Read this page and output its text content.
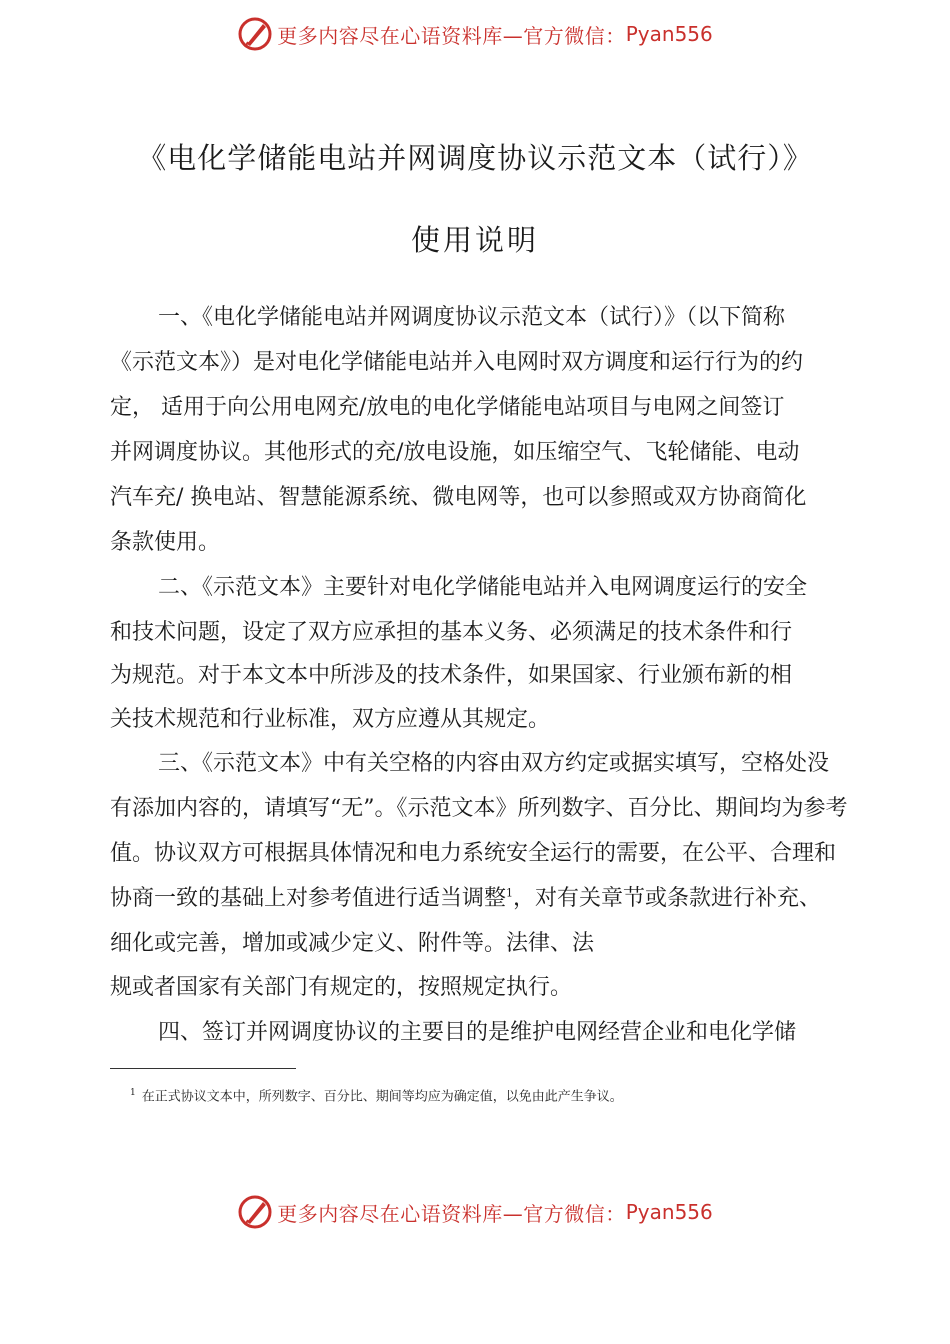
更多内容尽在心语资料库—官方微信： Pyan556
《电化学储能电站并网调度协议示范文本（试行）》
使用说明
一、《电化学储能电站并网调度协议示范文本（试行）》（以下简称
《示范文本》）是对电化学储能电站并入电网时双方调度和运行行为的约
定， 适用于向公用电网充/放电的电化学储能电站项目与电网之间签订
并网调度协议。其他形式的充/放电设施，如压缩空气、飞轮储能、电动
汽车充/ 换电站、智慧能源系统、微电网等，也可以参照或双方协商简化
条款使用。
二、《示范文本》主要针对电化学储能电站并入电网调度运行的安全
和技术问题，设定了双方应承担的基本义务、必须满足的技术条件和行
为规范。对于本文本中所涉及的技术条件，如果国家、行业颁布新的相
关技术规范和行业标准，双方应遵从其规定。
三、《示范文本》中有关空格的内容由双方约定或据实填写，空格处没
有添加内容的，请填写“无”。《示范文本》所列数字、百分比、期间均为参考
值。协议双方可根据具体情况和电力系统安全运行的需要，在公平、合理和
协商一致的基础上对参考值进行适当调整$^1$，对有关章节或条款进行补充、
细化或完善，增加或减少定义、附件等。法律、法
规或者国家有关部门有规定的，按照规定执行。
四、签订并网调度协议的主要目的是维护电网经营企业和电化学储
$^1$ 在正式协议文本中，所列数字、百分比、期间等均应为确定值，以免由此产生争议。
更多内容尽在心语资料库—官方微信： Pyan556
